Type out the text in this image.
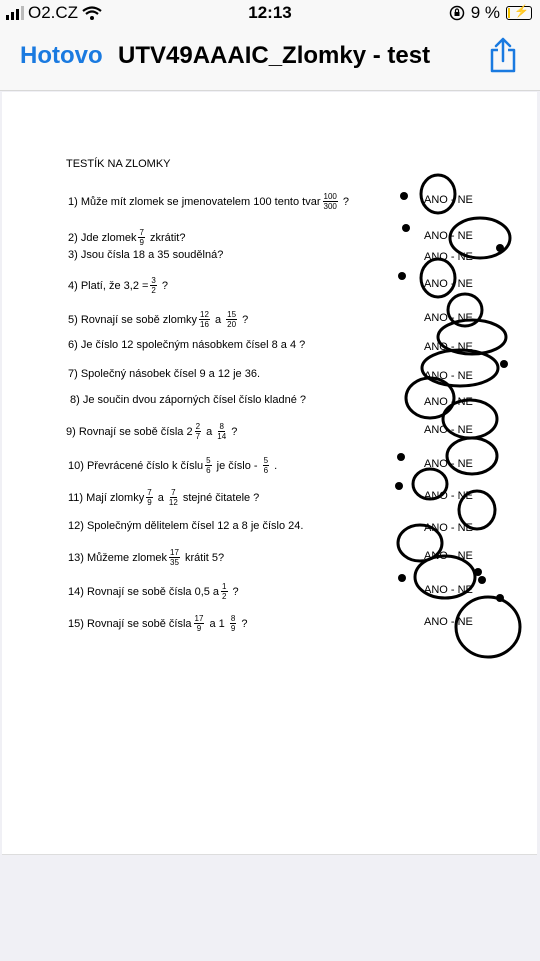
O2.CZ	12:13	9 % ⚡
Hotovo UTV49AAAIC_Zlomky - test
TESTÍK NA ZLOMKY
1)
Může mít zlomek se jmenovatelem 100 tento tvar $\frac{100}{300}$ ?	ANO - NE
2)
Jde zlomek $\frac{7}{9}$ zkrátit?	ANO - NE
3)
Jsou čísla 18 a 35 soudělná?	ANO - NE
4)
Platí, že $3,2 = \frac{3}{2}$ ?	ANO - NE
5)
Rovnají se sobě zlomky $\frac{12}{16}$ a $\frac{15}{20}$ ?	ANO - NE
6)
Je číslo 12 společným násobkem čísel 8 a 4 ?	ANO - NE
7)
Společný násobek čísel 9 a 12 je 36.	ANO - NE
8)
Je součin dvou záporných čísel číslo kladné ?	ANO - NE
9)
Rovnají se sobě čísla $2 \frac{2}{7}$ a $\frac{8}{14}$ ?	ANO - NE
10)
Převrácené číslo k číslu $\frac{5}{6}$ je číslo - $\frac{5}{6}$ .	ANO - NE
11)
Mají zlomky $\frac{7}{9}$ a $\frac{7}{12}$ stejné čitatele ?	ANO - NE
12)
Společným dělitelem čísel 12 a 8 je číslo 24.	ANO - NE
13)
Můžeme zlomek $\frac{17}{35}$ krátit 5?	ANO - NE
14)
Rovnají se sobě čísla 0,5 a $\frac{1}{2}$ ?	ANO - NE
15)
Rovnají se sobě čísla $\frac{17}{9}$ a $1 \frac{8}{9}$ ?	ANO - NE
